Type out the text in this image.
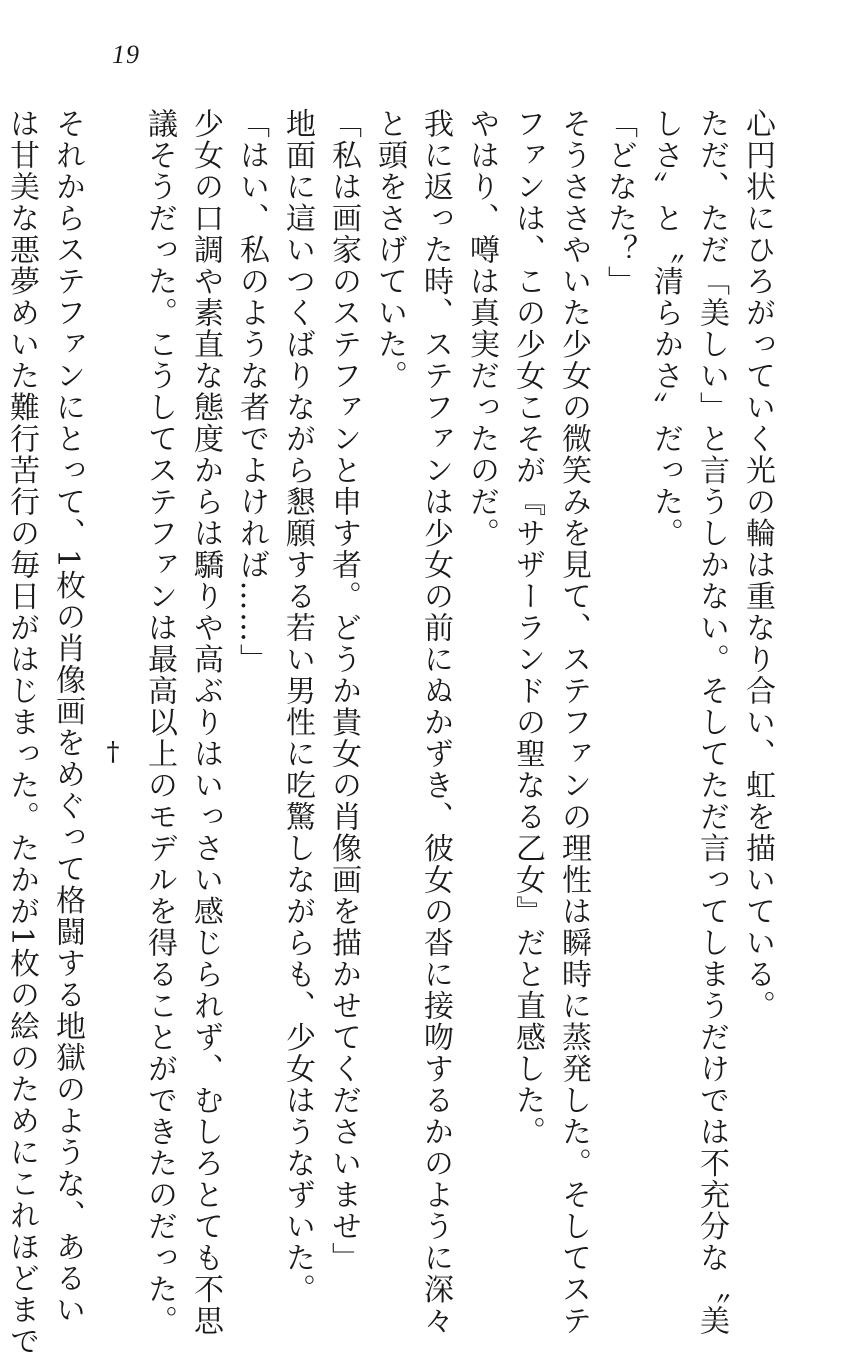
19
心円状にひろがっていく光の輪は重なり合い、虹を描いている。
ただ、ただ「美しい」と言うしかない。そしてただ言ってしまうだけでは不充分な〝美
しさ〟と〝清らかさ〟だった。
「どなた？」
そうささやいた少女の微笑みを見て、ステファンの理性は瞬時に蒸発した。そしてステ
ファンは、この少女こそが『サザーランドの聖なる乙女』だと直感した。
やはり、噂は真実だったのだ。
我に返った時、ステファンは少女の前にぬかずき、彼女の沓に接吻するかのように深々
と頭をさげていた。
「私は画家のステファンと申す者。どうか貴女の肖像画を描かせてくださいませ」
地面に這いつくばりながら懇願する若い男性に吃驚しながらも、少女はうなずいた。
「はい、私のような者でよければ……」
少女の口調や素直な態度からは驕りや高ぶりはいっさい感じられず、むしろとても不思
議そうだった。こうしてステファンは最高以上のモデルを得ることができたのだった。
†
それからステファンにとって、1枚の肖像画をめぐって格闘する地獄のような、あるい
は甘美な悪夢めいた難行苦行の毎日がはじまった。たかが1枚の絵のためにこれほどまで
